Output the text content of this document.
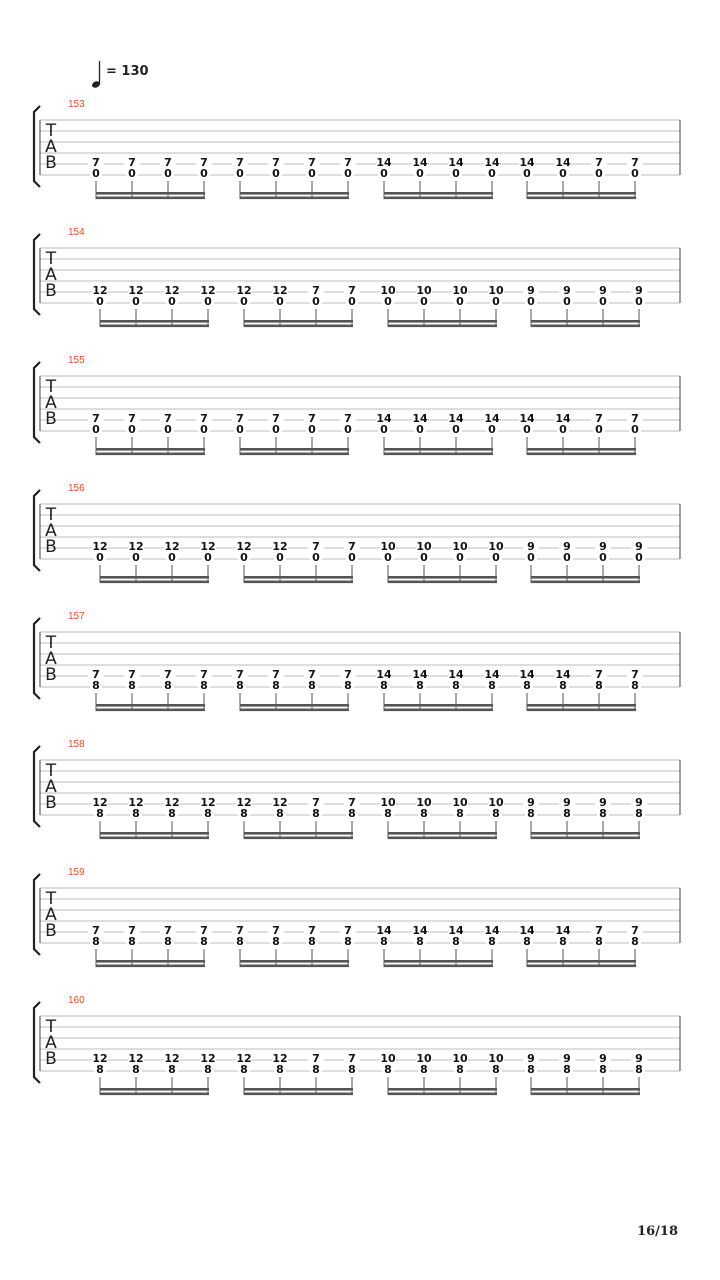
= 130
153
T
A
B	7
0
7
0
7
0
7
0
7
0
7
0
7
0
7
0
14
0
14
0
14
0
14
0
14
0
14
0
7
0
7
0
154
T
A
B	12
0
12
0
12
0
12
0
12
0
12
0
7
0
7
0
10
0
10
0
10
0
10
0
9
0
9
0
9
0
9
0
155
T
A
B	7
0
7
0
7
0
7
0
7
0
7
0
7
0
7
0
14
0
14
0
14
0
14
0
14
0
14
0
7
0
7
0
156
T
A
B	12
0
12
0
12
0
12
0
12
0
12
0
7
0
7
0
10
0
10
0
10
0
10
0
9
0
9
0
9
0
9
0
157
T
A
B	7
8
7
8
7
8
7
8
7
8
7
8
7
8
7
8
14
8
14
8
14
8
14
8
14
8
14
8
7
8
7
8
158
T
A
B	12
8
12
8
12
8
12
8
12
8
12
8
7
8
7
8
10
8
10
8
10
8
10
8
9
8
9
8
9
8
9
8
159
T
A
B	7
8
7
8
7
8
7
8
7
8
7
8
7
8
7
8
14
8
14
8
14
8
14
8
14
8
14
8
7
8
7
8
160
T
A
B	12
8
12
8
12
8
12
8
12
8
12
8
7
8
7
8
10
8
10
8
10
8
10
8
9
8
9
8
9
8
9
8
16/18
